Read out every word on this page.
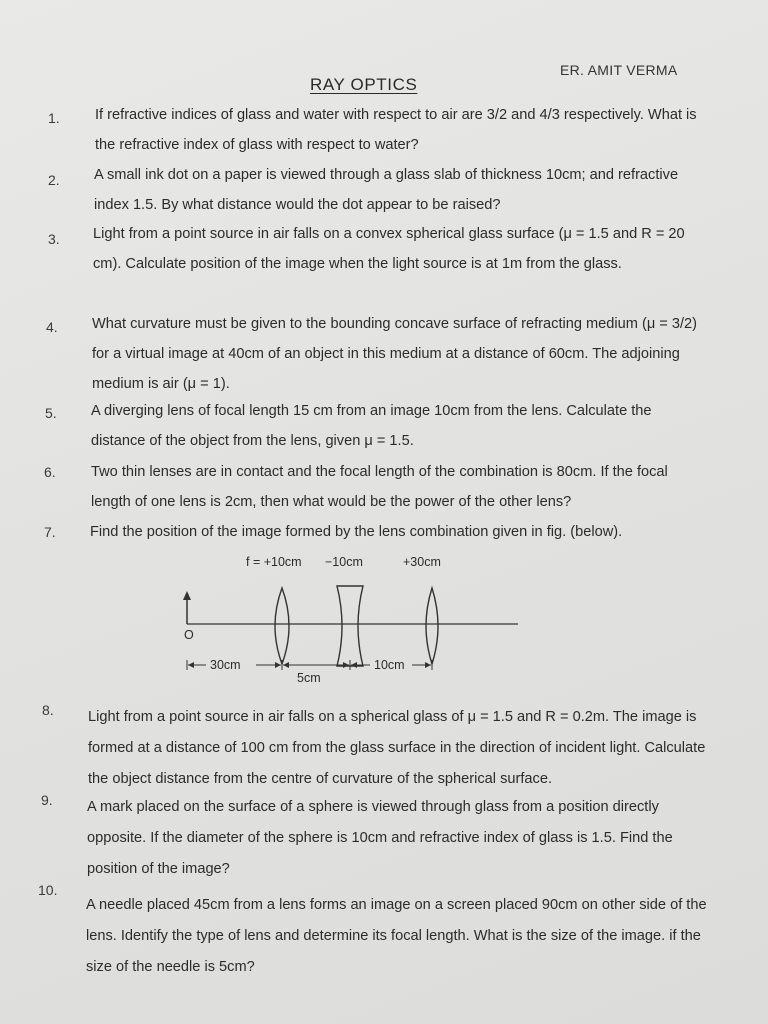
ER. AMIT VERMA
RAY OPTICS
1. If refractive indices of glass and water with respect to air are 3/2 and 4/3 respectively. What is the refractive index of glass with respect to water?
2. A small ink dot on a paper is viewed through a glass slab of thickness 10cm; and refractive index 1.5. By what distance would the dot appear to be raised?
3. Light from a point source in air falls on a convex spherical glass surface (μ = 1.5 and R = 20 cm). Calculate position of the image when the light source is at 1m from the glass.
4. What curvature must be given to the bounding concave surface of refracting medium (μ = 3/2) for a virtual image at 40cm of an object in this medium at a distance of 60cm. The adjoining medium is air (μ = 1).
5. A diverging lens of focal length 15 cm from an image 10cm from the lens. Calculate the distance of the object from the lens, given μ = 1.5.
6. Two thin lenses are in contact and the focal length of the combination is 80cm. If the focal length of one lens is 2cm, then what would be the power of the other lens?
7. Find the position of the image formed by the lens combination given in fig. (below).
f = +10cm −10cm	+30cm
O
30cm
5cm
10cm
8. Light from a point source in air falls on a spherical glass of μ = 1.5 and R = 0.2m. The image is formed at a distance of 100 cm from the glass surface in the direction of incident light. Calculate the object distance from the centre of curvature of the spherical surface.
9. A mark placed on the surface of a sphere is viewed through glass from a position directly opposite. If the diameter of the sphere is 10cm and refractive index of glass is 1.5. Find the position of the image?
10.
A needle placed 45cm from a lens forms an image on a screen placed 90cm on other side of the lens. Identify the type of lens and determine its focal length. What is the size of the image. if the size of the needle is 5cm?
